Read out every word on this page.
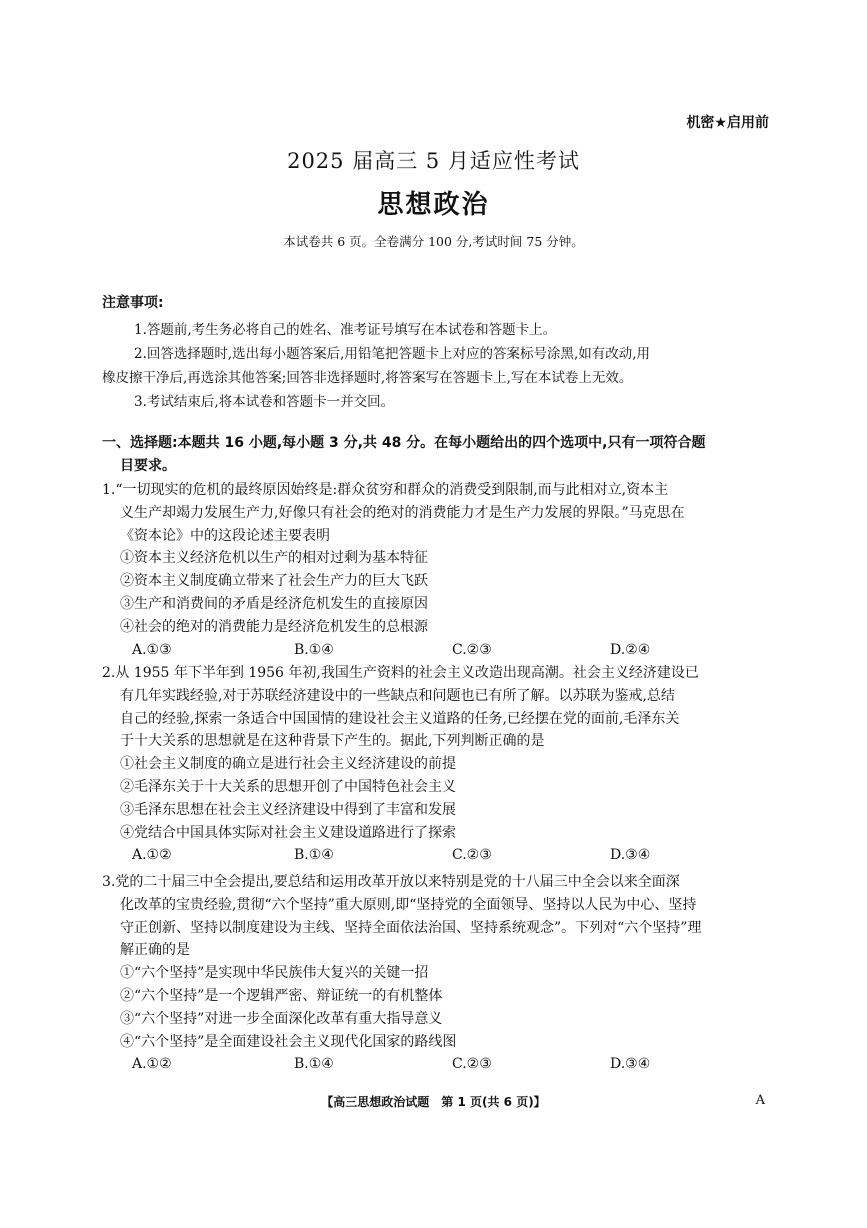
机密★启用前
2025 届高三 5 月适应性考试
思想政治
本试卷共 6 页。全卷满分 100 分,考试时间 75 分钟。
注意事项:
1.答题前,考生务必将自己的姓名、准考证号填写在本试卷和答题卡上。
2.回答选择题时,选出每小题答案后,用铅笔把答题卡上对应的答案标号涂黑,如有改动,用
橡皮擦干净后,再选涂其他答案;回答非选择题时,将答案写在答题卡上,写在本试卷上无效。
3.考试结束后,将本试卷和答题卡一并交回。
一、选择题:本题共 16 小题,每小题 3 分,共 48 分。在每小题给出的四个选项中,只有一项符合题
目要求。
1.“一切现实的危机的最终原因始终是:群众贫穷和群众的消费受到限制,而与此相对立,资本主
义生产却竭力发展生产力,好像只有社会的绝对的消费能力才是生产力发展的界限。”马克思在
《资本论》中的这段论述主要表明
①资本主义经济危机以生产的相对过剩为基本特征
②资本主义制度确立带来了社会生产力的巨大飞跃
③生产和消费间的矛盾是经济危机发生的直接原因
④社会的绝对的消费能力是经济危机发生的总根源
A.①③	B.①④	C.②③	D.②④
2.从 1955 年下半年到 1956 年初,我国生产资料的社会主义改造出现高潮。社会主义经济建设已
有几年实践经验,对于苏联经济建设中的一些缺点和问题也已有所了解。以苏联为鉴戒,总结
自己的经验,探索一条适合中国国情的建设社会主义道路的任务,已经摆在党的面前,毛泽东关
于十大关系的思想就是在这种背景下产生的。据此,下列判断正确的是
①社会主义制度的确立是进行社会主义经济建设的前提
②毛泽东关于十大关系的思想开创了中国特色社会主义
③毛泽东思想在社会主义经济建设中得到了丰富和发展
④党结合中国具体实际对社会主义建设道路进行了探索
A.①②	B.①④	C.②③	D.③④
3.党的二十届三中全会提出,要总结和运用改革开放以来特别是党的十八届三中全会以来全面深
化改革的宝贵经验,贯彻“六个坚持”重大原则,即“坚持党的全面领导、坚持以人民为中心、坚持
守正创新、坚持以制度建设为主线、坚持全面依法治国、坚持系统观念”。下列对“六个坚持”理
解正确的是
①“六个坚持”是实现中华民族伟大复兴的关键一招
②“六个坚持”是一个逻辑严密、辩证统一的有机整体
③“六个坚持”对进一步全面深化改革有重大指导意义
④“六个坚持”是全面建设社会主义现代化国家的路线图
A.①②	B.①④	C.②③	D.③④
【高三思想政治试题　第 1 页(共 6 页)】	A
